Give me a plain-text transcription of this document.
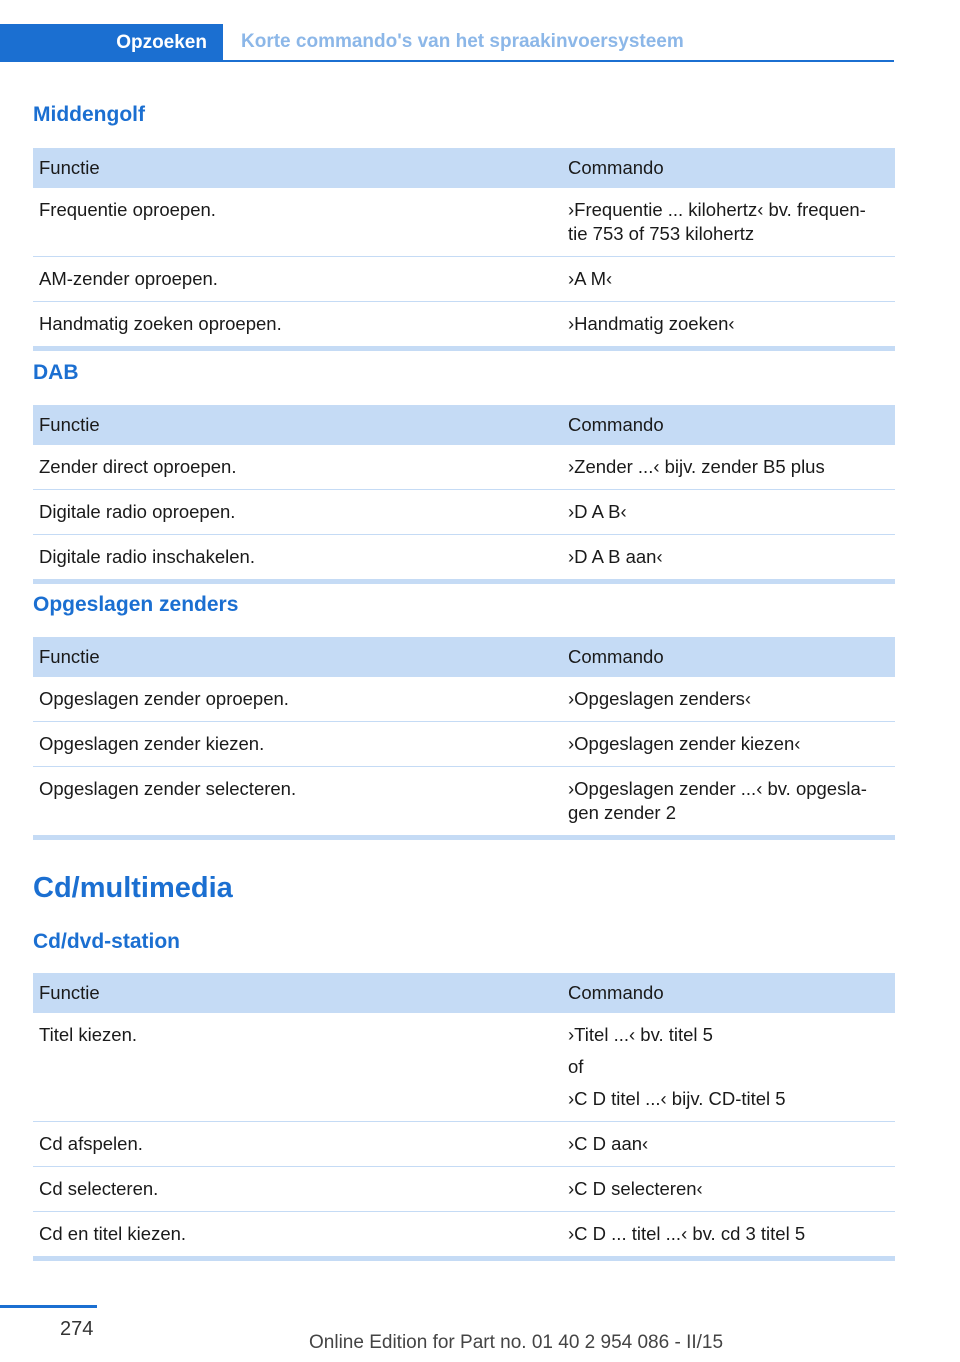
Opzoeken	Korte commando's van het spraakinvoersysteem
Middengolf
Functie	Commando
Frequentie oproepen.	›Frequentie ... kilohertz‹ bv. frequen-
tie 753 of 753 kilohertz

AM-zender oproepen.	›A M‹

Handmatig zoeken oproepen.	›Handmatig zoeken‹
DAB
Functie	Commando
Zender direct oproepen.	›Zender ...‹ bijv. zender B5 plus

Digitale radio oproepen.	›D A B‹

Digitale radio inschakelen.	›D A B aan‹
Opgeslagen zenders
Functie	Commando
Opgeslagen zender oproepen.	›Opgeslagen zenders‹

Opgeslagen zender kiezen.	›Opgeslagen zender kiezen‹

Opgeslagen zender selecteren.	›Opgeslagen zender ...‹ bv. opgesla-
gen zender 2
Cd/multimedia
Cd/dvd-station
Functie	Commando
Titel kiezen.	›Titel ...‹ bv. titel 5
of
›C D titel ...‹ bijv. CD-titel 5

Cd afspelen.	›C D aan‹

Cd selecteren.	›C D selecteren‹

Cd en titel kiezen.	›C D ... titel ...‹ bv. cd 3 titel 5
274
Online Edition for Part no. 01 40 2 954 086 - II/15
